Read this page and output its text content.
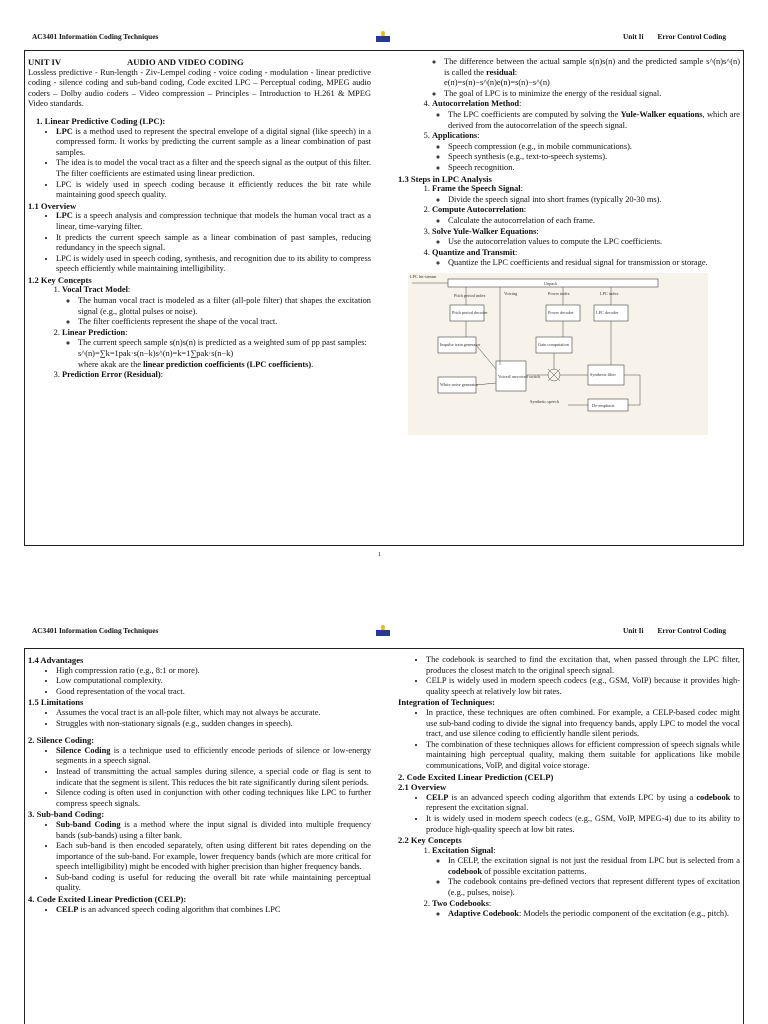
AC3401 Information Coding Techniques	Unit Ii Error Control Coding
UNIT IV	AUDIO AND VIDEO CODING

Lossless predictive - Run-length - Ziv-Lempel coding - voice coding - modulation - linear predictive coding - silence coding and sub-band coding, Code excited LPC – Perceptual coding, MPEG audio coders – Dolby audio coders – Video compression – Principles – Introduction to H.261 & MPEG Video standards.

1. Linear Predictive Coding (LPC):
• LPC is a method used to represent the spectral envelope of a digital signal (like speech) in a compressed form. It works by predicting the current sample as a linear combination of past samples.
• The idea is to model the vocal tract as a filter and the speech signal as the output of this filter. The filter coefficients are estimated using linear prediction.
• LPC is widely used in speech coding because it efficiently reduces the bit rate while maintaining good speech quality.
1.1 Overview
• LPC is a speech analysis and compression technique that models the human vocal tract as a linear, time-varying filter.
• It predicts the current speech sample as a linear combination of past samples, reducing redundancy in the speech signal.
• LPC is widely used in speech coding, synthesis, and recognition due to its ability to compress speech efficiently while maintaining intelligibility.
1.2 Key Concepts
1. Vocal Tract Model:
◦ The human vocal tract is modeled as a filter (all-pole filter) that shapes the excitation signal (e.g., glottal pulses or noise).
◦ The filter coefficients represent the shape of the vocal tract.
2. Linear Prediction:
◦ The current speech sample s(n)s(n) is predicted as a weighted sum of pp past samples:
s^(n)=∑k=1pak·s(n−k)s^(n)=k=1∑pak·s(n−k)
where akak are the linear prediction coefficients (LPC coefficients).
3. Prediction Error (Residual):
◦ The difference between the actual sample s(n)s(n) and the predicted sample s^(n)s^(n) is called the residual:
e(n)=s(n)−s^(n)e(n)=s(n)−s^(n)
◦ The goal of LPC is to minimize the energy of the residual signal.
4. Autocorrelation Method:
◦ The LPC coefficients are computed by solving the Yule-Walker equations, which are derived from the autocorrelation of the speech signal.
5. Applications:
◦ Speech compression (e.g., in mobile communications).
◦ Speech synthesis (e.g., text-to-speech systems).
◦ Speech recognition.
1.3 Steps in LPC Analysis
1. Frame the Speech Signal:
◦ Divide the speech signal into short frames (typically 20-30 ms).
2. Compute Autocorrelation:
◦ Calculate the autocorrelation of each frame.
3. Solve Yule-Walker Equations:
◦ Use the autocorrelation values to compute the LPC coefficients.
4. Quantize and Transmit:
◦ Quantize the LPC coefficients and residual signal for transmission or storage.
LPC bit-stream
Unpack
Pitch period index	Voicing	Power index	LPC index
Pitch period decoder	Power decoder	LPC decoder
Impulse train generator	Gain computation
White noise generator
Voiced/ unvoiced switch	Synthesis filter
Synthetic speech
De-emphasis
1
AC3401 Information Coding Techniques	Unit Ii Error Control Coding
1.4 Advantages
• High compression ratio (e.g., 8:1 or more).
• Low computational complexity.
• Good representation of the vocal tract.
1.5 Limitations
• Assumes the vocal tract is an all-pole filter, which may not always be accurate.
• Struggles with non-stationary signals (e.g., sudden changes in speech).
2. Silence Coding:
• Silence Coding is a technique used to efficiently encode periods of silence or low-energy segments in a speech signal.
• Instead of transmitting the actual samples during silence, a special code or flag is sent to indicate that the segment is silent. This reduces the bit rate significantly during silent periods.
• Silence coding is often used in conjunction with other coding techniques like LPC to further compress speech signals.
3. Sub-band Coding:
• Sub-band Coding is a method where the input signal is divided into multiple frequency bands (sub-bands) using a filter bank.
• Each sub-band is then encoded separately, often using different bit rates depending on the importance of the sub-band. For example, lower frequency bands (which are more critical for speech intelligibility) might be encoded with higher precision than higher frequency bands.
• Sub-band coding is useful for reducing the overall bit rate while maintaining perceptual quality.
4. Code Excited Linear Prediction (CELP):
• CELP is an advanced speech coding algorithm that combines LPC
• The codebook is searched to find the excitation that, when passed through the LPC filter, produces the closest match to the original speech signal.
• CELP is widely used in modern speech codecs (e.g., GSM, VoIP) because it provides high-quality speech at relatively low bit rates.
Integration of Techniques:
• In practice, these techniques are often combined. For example, a CELP-based codec might use sub-band coding to divide the signal into frequency bands, apply LPC to model the vocal tract, and use silence coding to efficiently handle silent periods.
• The combination of these techniques allows for efficient compression of speech signals while maintaining high perceptual quality, making them suitable for applications like mobile communications, VoIP, and digital voice storage.
2. Code Excited Linear Prediction (CELP)
2.1 Overview
• CELP is an advanced speech coding algorithm that extends LPC by using a codebook to represent the excitation signal.
• It is widely used in modern speech codecs (e.g., GSM, VoIP, MPEG-4) due to its ability to produce high-quality speech at low bit rates.
2.2 Key Concepts
1. Excitation Signal:
◦ In CELP, the excitation signal is not just the residual from LPC but is selected from a codebook of possible excitation patterns.
◦ The codebook contains pre-defined vectors that represent different types of excitation (e.g., pulses, noise).
2. Two Codebooks:
◦ Adaptive Codebook: Models the periodic component of the excitation (e.g., pitch).
